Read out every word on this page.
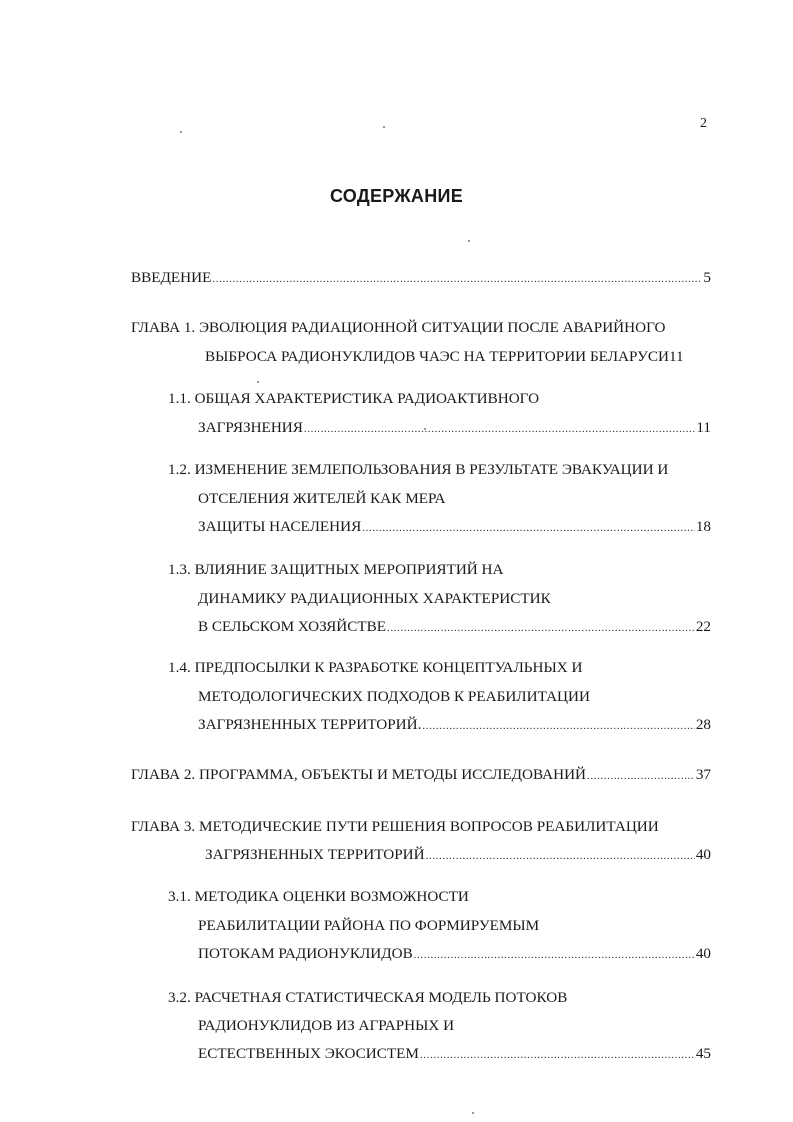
2
СОДЕРЖАНИЕ
ВВЕДЕНИЕ .....	5
ГЛАВА 1. ЭВОЛЮЦИЯ РАДИАЦИОННОЙ СИТУАЦИИ ПОСЛЕ АВАРИЙНОГО
ВЫБРОСА РАДИОНУКЛИДОВ ЧАЭС НА ТЕРРИТОРИИ БЕЛАРУСИ 11
1.1. ОБЩАЯ ХАРАКТЕРИСТИКА РАДИОАКТИВНОГО
ЗАГРЯЗНЕНИЯ .....	11
1.2. ИЗМЕНЕНИЕ ЗЕМЛЕПОЛЬЗОВАНИЯ В РЕЗУЛЬТАТЕ ЭВАКУАЦИИ И
ОТСЕЛЕНИЯ ЖИТЕЛЕЙ КАК МЕРА
ЗАЩИТЫ НАСЕЛЕНИЯ .....	18
1.3. ВЛИЯНИЕ ЗАЩИТНЫХ МЕРОПРИЯТИЙ НА
ДИНАМИКУ РАДИАЦИОННЫХ ХАРАКТЕРИСТИК
В СЕЛЬСКОМ ХОЗЯЙСТВЕ .....	22
1.4. ПРЕДПОСЫЛКИ К РАЗРАБОТКЕ КОНЦЕПТУАЛЬНЫХ И
МЕТОДОЛОГИЧЕСКИХ ПОДХОДОВ К РЕАБИЛИТАЦИИ
ЗАГРЯЗНЕННЫХ ТЕРРИТОРИЙ. .....	28
ГЛАВА 2. ПРОГРАММА, ОБЪЕКТЫ И МЕТОДЫ ИССЛЕДОВАНИЙ .....	37
ГЛАВА 3. МЕТОДИЧЕСКИЕ ПУТИ РЕШЕНИЯ ВОПРОСОВ РЕАБИЛИТАЦИИ
ЗАГРЯЗНЕННЫХ ТЕРРИТОРИЙ .....	40
3.1. МЕТОДИКА ОЦЕНКИ ВОЗМОЖНОСТИ
РЕАБИЛИТАЦИИ РАЙОНА ПО ФОРМИРУЕМЫМ
ПОТОКАМ РАДИОНУКЛИДОВ .....	40
3.2. РАСЧЕТНАЯ СТАТИСТИЧЕСКАЯ МОДЕЛЬ ПОТОКОВ
РАДИОНУКЛИДОВ ИЗ АГРАРНЫХ И
ЕСТЕСТВЕННЫХ ЭКОСИСТЕМ .....	45
